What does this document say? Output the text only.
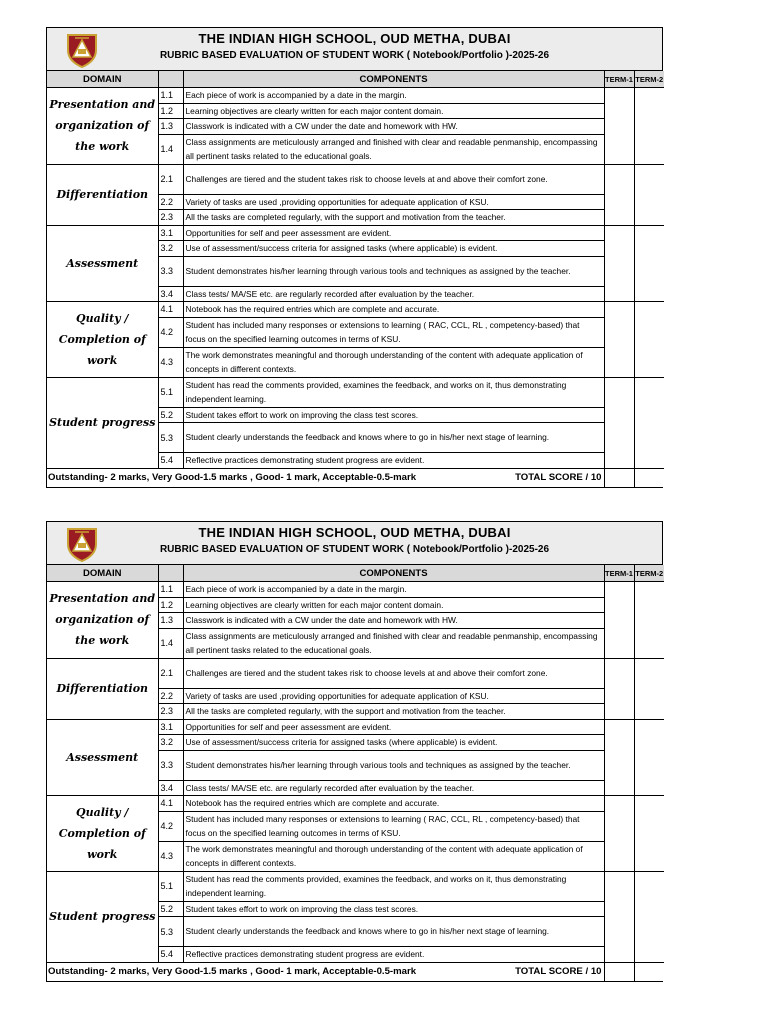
THE INDIAN HIGH SCHOOL, OUD METHA, DUBAI
RUBRIC BASED EVALUATION OF STUDENT WORK ( Notebook/Portfolio )-2025-26
DOMAIN		COMPONENTS	TERM-1	TERM-2
Presentation and organization of the work	1.1	Each piece of work is accompanied by a date in the margin.		
	1.2	Learning objectives are clearly written for each major content domain.		
	1.3	Classwork is indicated with a CW under the date and homework with HW.		
	1.4	Class assignments are meticulously arranged and finished with clear and readable penmanship, encompassing all pertinent tasks related to the educational goals.		
Differentiation	2.1	Challenges are tiered and the student takes risk to choose levels at and above their comfort zone.		
	2.2	Variety of tasks are used ,providing opportunities for adequate application of KSU.		
	2.3	All the tasks are completed regularly, with the support and motivation from the teacher.		
Assessment	3.1	Opportunities for self and peer assessment are evident.		
	3.2	Use of assessment/success criteria for assigned tasks (where applicable) is evident.		
	3.3	Student demonstrates his/her learning through various tools and techniques as assigned by the teacher.		
	3.4	Class tests/ MA/SE etc. are regularly recorded after evaluation by the teacher.		
Quality / Completion of work	4.1	Notebook has the required entries which are complete and accurate.		
	4.2	Student has included many responses or extensions to learning ( RAC, CCL, RL , competency-based) that focus on the specified learning outcomes in terms of KSU.		
	4.3	The work demonstrates meaningful and thorough understanding of the content with adequate application of concepts in different contexts.		
Student progress	5.1	Student has read the comments provided, examines the feedback, and works on it, thus demonstrating independent learning.		
	5.2	Student takes effort to work on improving the class test scores.		
	5.3	Student clearly understands the feedback and knows where to go in his/her next stage of learning.		
	5.4	Reflective practices demonstrating student progress are evident.		
Outstanding- 2 marks, Very Good-1.5 marks , Good- 1 mark, Acceptable-0.5-mark TOTAL SCORE / 10				

THE INDIAN HIGH SCHOOL, OUD METHA, DUBAI
RUBRIC BASED EVALUATION OF STUDENT WORK ( Notebook/Portfolio )-2025-26
DOMAIN		COMPONENTS	TERM-1	TERM-2
Presentation and organization of the work	1.1	Each piece of work is accompanied by a date in the margin.		
	1.2	Learning objectives are clearly written for each major content domain.		
	1.3	Classwork is indicated with a CW under the date and homework with HW.		
	1.4	Class assignments are meticulously arranged and finished with clear and readable penmanship, encompassing all pertinent tasks related to the educational goals.		
Differentiation	2.1	Challenges are tiered and the student takes risk to choose levels at and above their comfort zone.		
	2.2	Variety of tasks are used ,providing opportunities for adequate application of KSU.		
	2.3	All the tasks are completed regularly, with the support and motivation from the teacher.		
Assessment	3.1	Opportunities for self and peer assessment are evident.		
	3.2	Use of assessment/success criteria for assigned tasks (where applicable) is evident.		
	3.3	Student demonstrates his/her learning through various tools and techniques as assigned by the teacher.		
	3.4	Class tests/ MA/SE etc. are regularly recorded after evaluation by the teacher.		
Quality / Completion of work	4.1	Notebook has the required entries which are complete and accurate.		
	4.2	Student has included many responses or extensions to learning ( RAC, CCL, RL , competency-based) that focus on the specified learning outcomes in terms of KSU.		
	4.3	The work demonstrates meaningful and thorough understanding of the content with adequate application of concepts in different contexts.		
Student progress	5.1	Student has read the comments provided, examines the feedback, and works on it, thus demonstrating independent learning.		
	5.2	Student takes effort to work on improving the class test scores.		
	5.3	Student clearly understands the feedback and knows where to go in his/her next stage of learning.		
	5.4	Reflective practices demonstrating student progress are evident.		
Outstanding- 2 marks, Very Good-1.5 marks , Good- 1 mark, Acceptable-0.5-mark TOTAL SCORE / 10				
